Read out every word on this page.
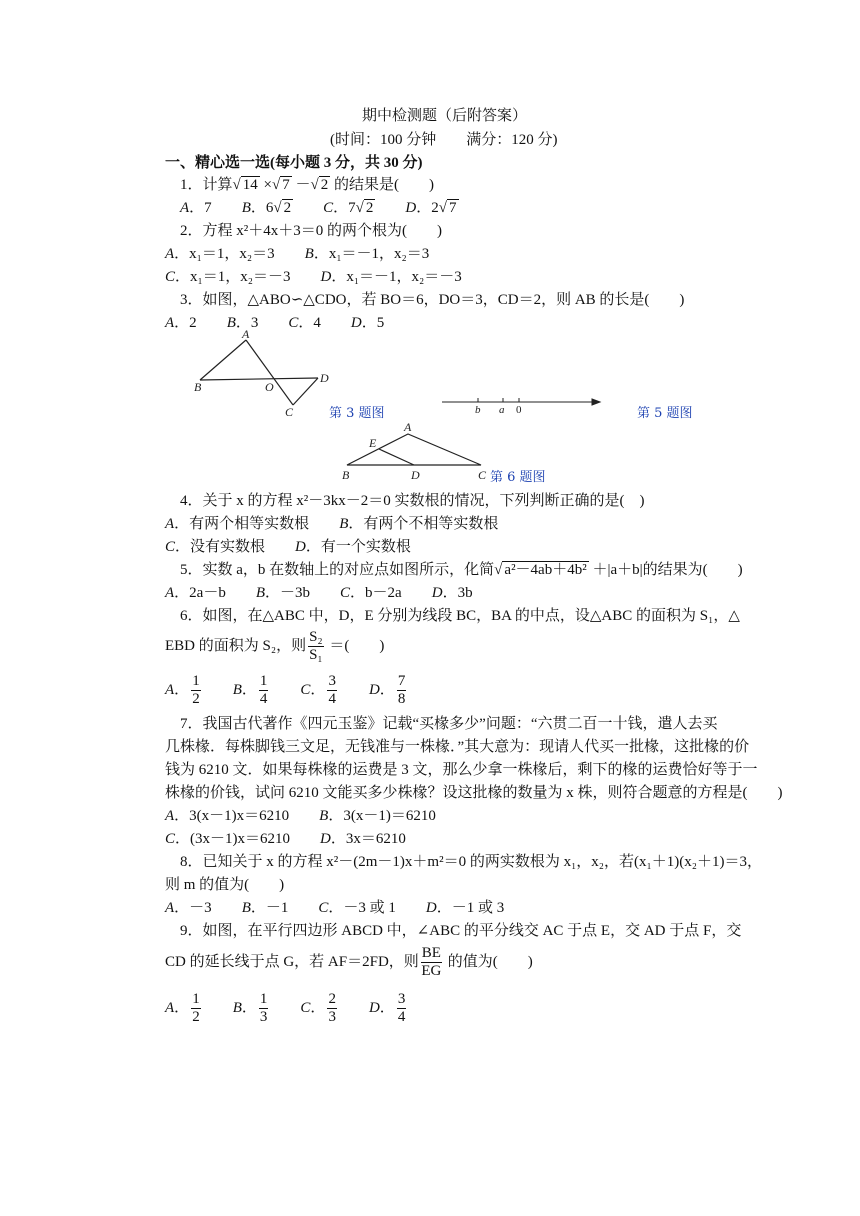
期中检测题（后附答案）
(时间：100 分钟　　满分：120 分)
一、精心选一选(每小题 3 分，共 30 分)
1．计算√ 14 ×√ 7 －√ 2 的结果是(　　)
A．7　　B．6√ 2　　 C．7√ 2　　 D．2√ 7
2．方程 x²＋4x＋3＝0 的两个根为(　　)
A．x₁＝1，x₂＝3　　B．x₁＝－1，x₂＝3
C．x₁＝1，x₂＝－3　　D．x₁＝－1，x₂＝－3
3．如图，△ABO∽△CDO，若 BO＝6，DO＝3，CD＝2，则 AB 的长是(　　)
A．2　　B．3　　C．4　　D．5
A
B	O
D
C	b a 0
A
E
B	D	C
第 3 题图	第 5 题图
第 6 题图
4．关于 x 的方程 x²－3kx－2＝0 实数根的情况，下列判断正确的是(　)
A．有两个相等实数根　　B．有两个不相等实数根
C．没有实数根　　D．有一个实数根
5．实数 a，b 在数轴上的对应点如图所示，化简√ a²－4ab＋4b² ＋|a＋b|的结果为(　　)
A．2a－b　　B．－3b　　C．b－2a　　D．3b
6．如图，在△ABC 中，D，E 分别为线段 BC，BA 的中点，设△ABC 的面积为 S₁，△
EBD 的面积为 S₂，则 $\frac{\text{S₂}}{\text{S₁}}$ ＝(　　)
A． $\frac{1}{2}$
　　 B． $\frac{1}{4}$
　　 C． $\frac{3}{4}$
　　 D． $\frac{7}{8}$
7．我国古代著作《四元玉鉴》记载“买椽多少”问题：“六贯二百一十钱，遣人去买
几株椽．每株脚钱三文足，无钱准与一株椽．”其大意为：现请人代买一批椽，这批椽的价
钱为 6210 文．如果每株椽的运费是 3 文，那么少拿一株椽后，剩下的椽的运费恰好等于一
株椽的价钱，试问 6210 文能买多少株椽？设这批椽的数量为 x 株，则符合题意的方程是(　　)
A．3(x－1)x＝6210　　B．3(x－1)＝6210
C．(3x－1)x＝6210　　D．3x＝6210
8．已知关于 x 的方程 x²－(2m－1)x＋m²＝0 的两实数根为 x₁，x₂，若(x₁＋1)(x₂＋1)＝3，
则 m 的值为(　　)
A．－3　　B．－1　　C．－3 或 1　　D．－1 或 3
9．如图，在平行四边形 ABCD 中，∠ABC 的平分线交 AC 于点 E，交 AD 于点 F，交
CD 的延长线于点 G，若 AF＝2FD，则 $\frac{BE}{EG}$ 的值为(　　)
A． $\frac{1}{2}$
　　 B． $\frac{1}{3}$
　　 C． $\frac{2}{3}$
　　 D． $\frac{3}{4}$
